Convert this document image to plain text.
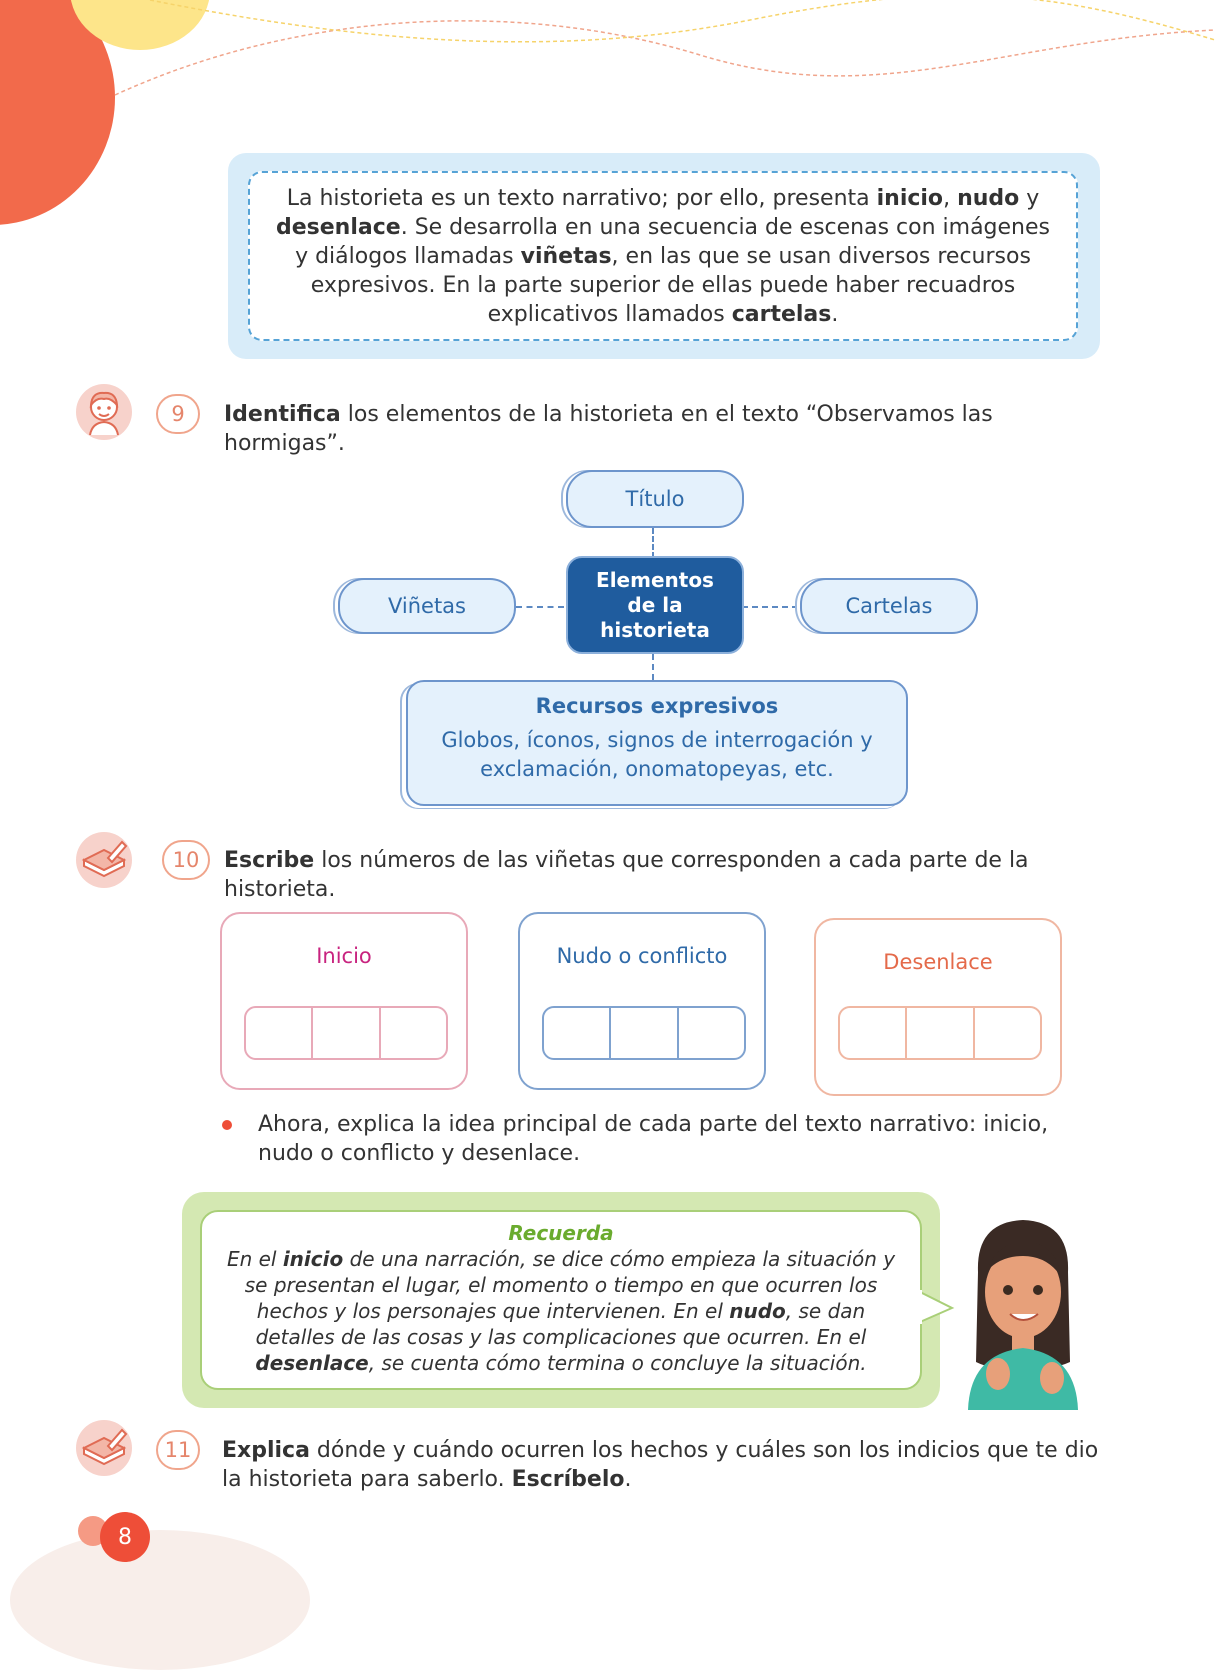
La historieta es un texto narrativo; por ello, presenta inicio, nudo y desenlace. Se desarrolla en una secuencia de escenas con imágenes y diálogos llamadas viñetas, en las que se usan diversos recursos expresivos. En la parte superior de ellas puede haber recuadros explicativos llamados cartelas.
9	Identifica los elementos de la historieta en el texto “Observamos las hormigas”.
Título
Viñetas	Cartelas
Elementos de la historieta
Recursos expresivos
Globos, íconos, signos de interrogación y exclamación, onomatopeyas, etc.
10	Escribe los números de las viñetas que corresponden a cada parte de la historieta.
Inicio	Nudo o conflicto	Desenlace
Ahora, explica la idea principal de cada parte del texto narrativo: inicio, nudo o conflicto y desenlace.
Recuerda
En el inicio de una narración, se dice cómo empieza la situación y se presentan el lugar, el momento o tiempo en que ocurren los hechos y los personajes que intervienen. En el nudo, se dan detalles de las cosas y las complicaciones que ocurren. En el desenlace, se cuenta cómo termina o concluye la situación.
11	Explica dónde y cuándo ocurren los hechos y cuáles son los indicios que te dio la historieta para saberlo. Escríbelo.
8
